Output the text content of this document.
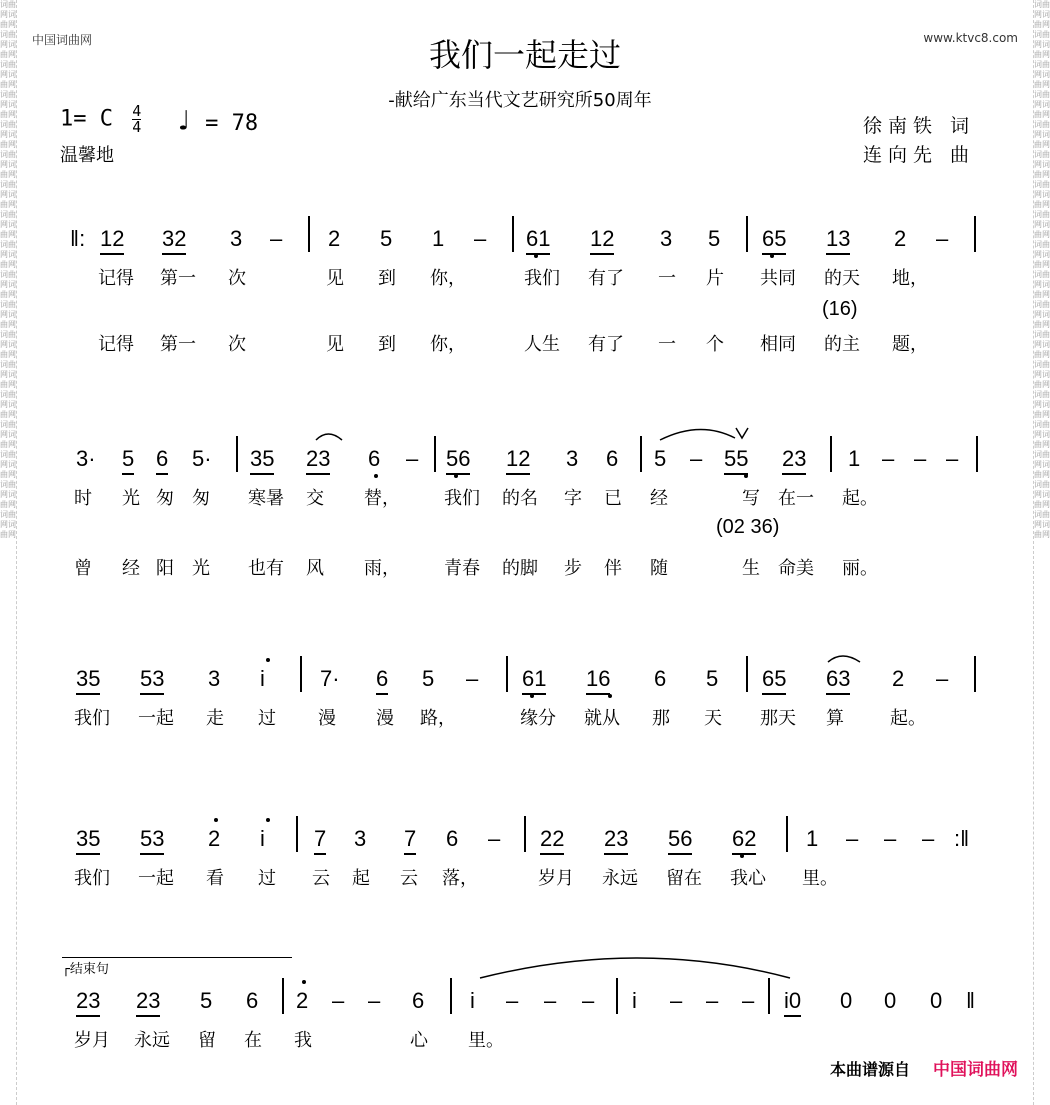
词曲网词曲网词曲网词曲网词曲网词曲网词曲网词曲网词曲网词曲网词曲网词曲网词曲网词曲网词曲网词曲网词曲网词曲网词曲网词曲网词曲网词曲网词曲网词曲网词曲网词曲网词曲网词曲网词曲网词曲网词曲网词曲网词曲网词曲网词曲网词曲网
词曲网词曲网词曲网词曲网词曲网词曲网词曲网词曲网词曲网词曲网词曲网词曲网词曲网词曲网词曲网词曲网词曲网词曲网词曲网词曲网词曲网词曲网词曲网词曲网词曲网词曲网词曲网词曲网词曲网词曲网词曲网词曲网词曲网词曲网词曲网词曲网
中国词曲网	www.ktvc8.com
我们一起走过
-献给广东当代文艺研究所50周年
1= C $\frac{4}{4}$ ♩ = 78
温馨地
徐南铁 词
连向先 曲
‖: 12 32 3 – 2 5 1 – 61 12 3 5 65 13 2 –
记得 第一 次	见 到 你，	我们 有了 一 片 共同 的天 地，
(16)
记得 第一 次	见 到 你，	人生 有了 一 个 相同 的主 题，
3· 5 6 5· 35 23 6 – 56 12 3 6 5 – 55 23 1 – – –
时 光 匆 匆 寒暑 交 替， 我们 的名 字 已 经	写 在一 起。
(02 36)
曾 经 阳 光 也有 风 雨， 青春 的脚 步 伴 随	生 命美 丽。
35 53 3 i	7· 6 5 – 61 16 6 5 65 63 2 –
我们 一起 走 过 漫 漫 路，	缘分 就从 那 天 那天 算	起。
35 53 2 i 7 3 7 6 – 22 23 56 62 1 – – – :‖
我们 一起 看 过 云 起 云 落，	岁月 永远 留在 我心 里。
┌结束句
23 23 5 6 2 – – 6 i – – – i – – – i0 0 0 0 ‖
岁月 永远 留 在 我	心 里。
本曲谱源自 中国词曲网
